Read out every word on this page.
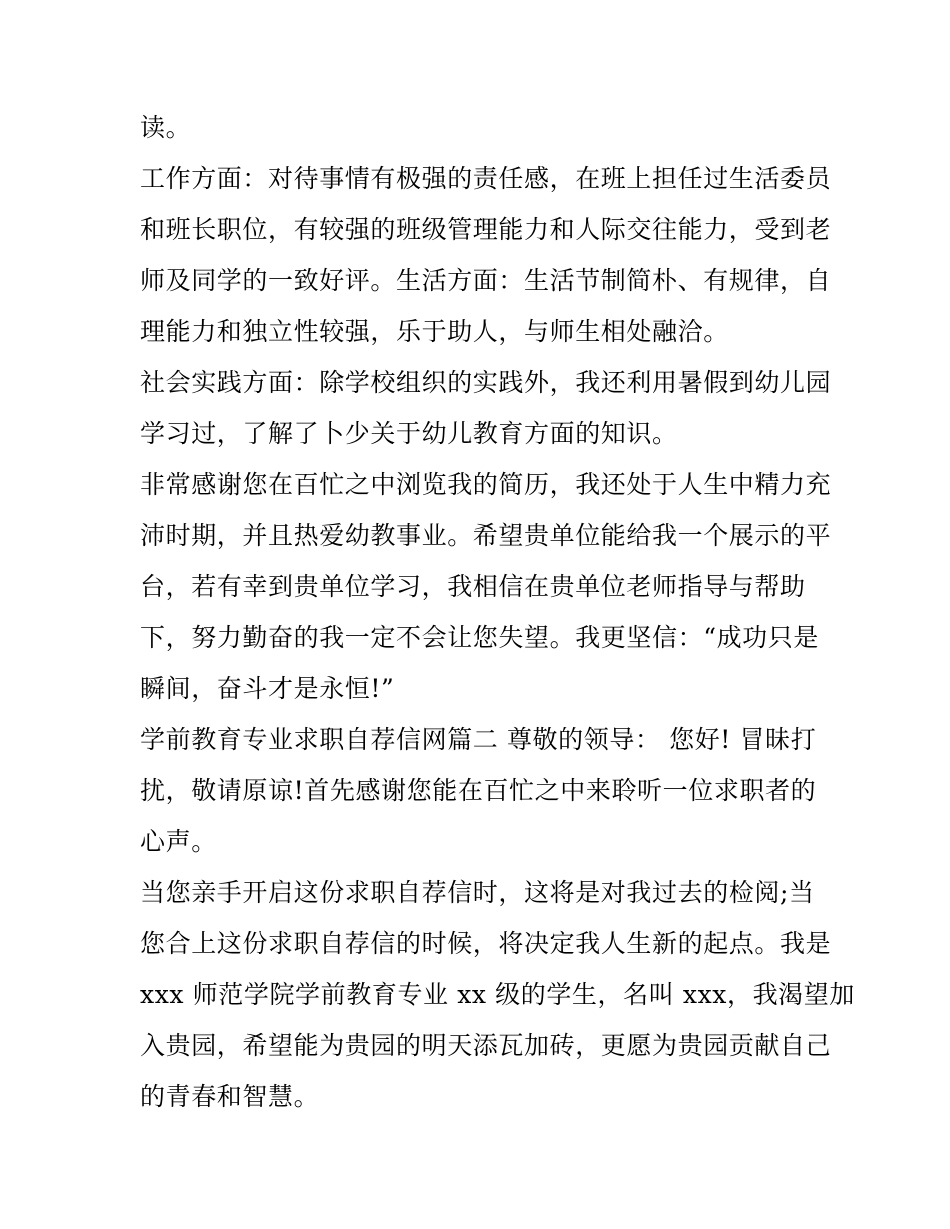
读。
工作方面：对待事情有极强的责任感，在班上担任过生活委员
和班长职位，有较强的班级管理能力和人际交往能力，受到老
师及同学的一致好评。生活方面：生活节制简朴、有规律，自
理能力和独立性较强，乐于助人，与师生相处融洽。
社会实践方面：除学校组织的实践外，我还利用暑假到幼儿园
学习过，了解了卜少关于幼儿教育方面的知识。
非常感谢您在百忙之中浏览我的简历，我还处于人生中精力充
沛时期，并且热爱幼教事业。希望贵单位能给我一个展示的平
台，若有幸到贵单位学习，我相信在贵单位老师指导与帮助
下，努力勤奋的我一定不会让您失望。我更坚信：“成功只是
瞬间，奋斗才是永恒!”
学前教育专业求职自荐信网篇二 尊敬的领导： 您好! 冒昧打
扰，敬请原谅!首先感谢您能在百忙之中来聆听一位求职者的
心声。
当您亲手开启这份求职自荐信时，这将是对我过去的检阅;当
您合上这份求职自荐信的时候，将决定我人生新的起点。我是
xxx 师范学院学前教育专业 xx 级的学生，名叫 xxx，我渴望加
入贵园，希望能为贵园的明天添瓦加砖，更愿为贵园贡献自己
的青春和智慧。
